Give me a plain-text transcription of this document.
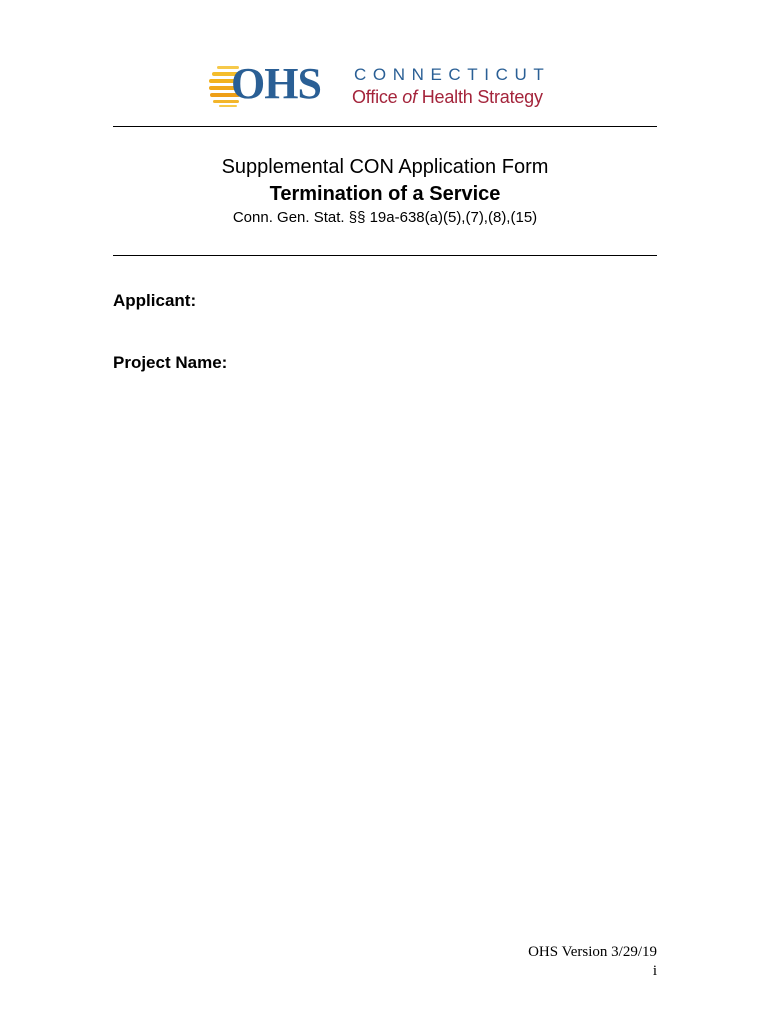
OHS CONNECTICUT
Office of Health Strategy
Supplemental CON Application Form
Termination of a Service
Conn. Gen. Stat. §§ 19a-638(a)(5),(7),(8),(15)
Applicant:
Project Name:
OHS Version 3/29/19
i
